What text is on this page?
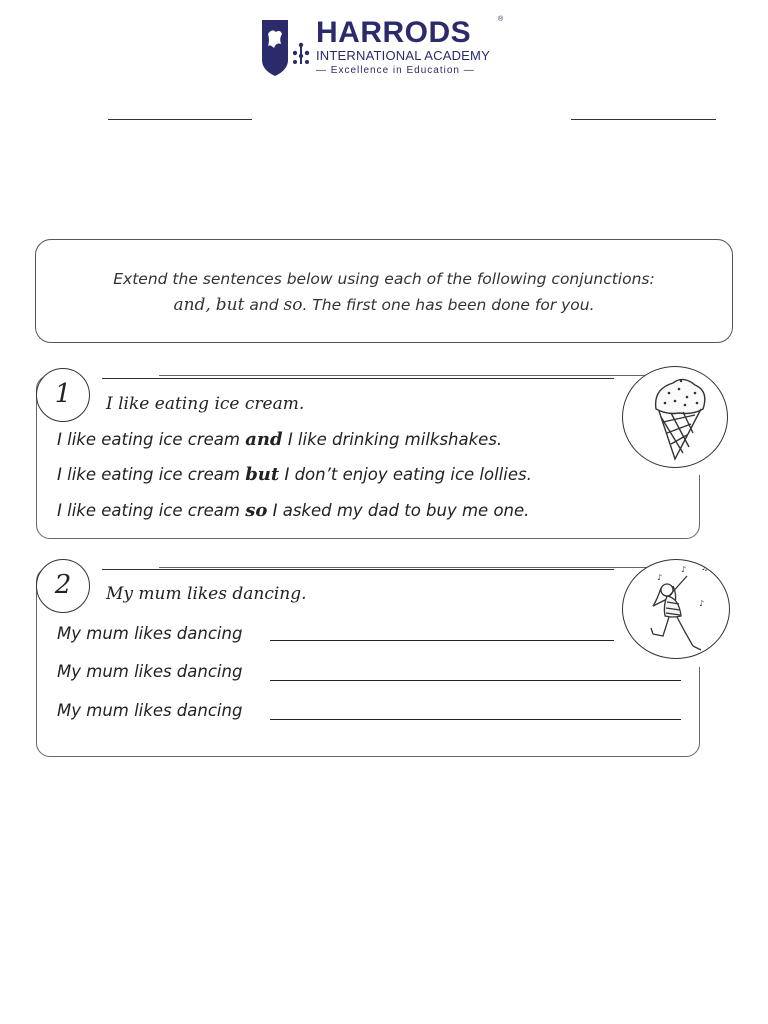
HARRODS	®
INTERNATIONAL ACADEMY
— Excellence in Education —
Extend the sentences below using each of the following conjunctions:
and, but and so. The first one has been done for you.
1	I like eating ice cream.
I like eating ice cream and I like drinking milkshakes.
I like eating ice cream but I don’t enjoy eating ice lollies.
I like eating ice cream so I asked my dad to buy me one.
2	My mum likes dancing.
My mum likes dancing
My mum likes dancing
My mum likes dancing
♪ ♫
♪
♪
